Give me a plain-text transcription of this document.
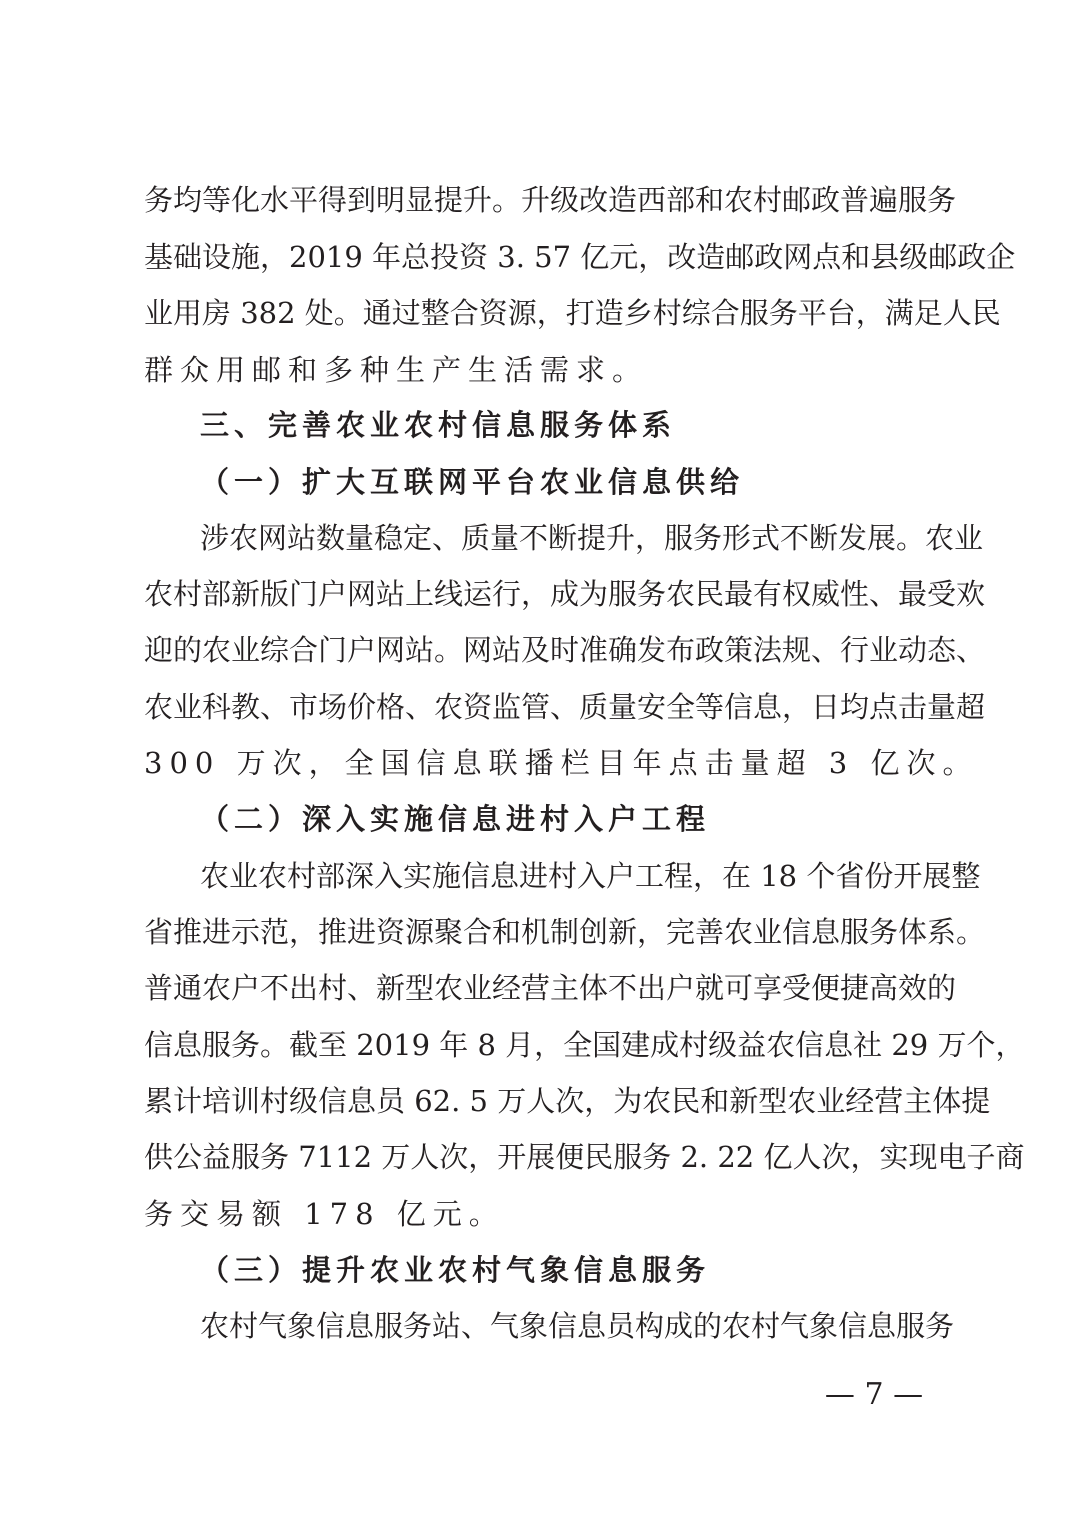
务均等化水平得到明显提升。升级改造西部和农村邮政普遍服务
基础设施，2019 年总投资 3. 57 亿元，改造邮政网点和县级邮政企
业用房 382 处。通过整合资源，打造乡村综合服务平台，满足人民
群众用邮和多种生产生活需求。
三、完善农业农村信息服务体系
（一）扩大互联网平台农业信息供给
涉农网站数量稳定、质量不断提升，服务形式不断发展。农业
农村部新版门户网站上线运行，成为服务农民最有权威性、最受欢
迎的农业综合门户网站。网站及时准确发布政策法规、行业动态、
农业科教、市场价格、农资监管、质量安全等信息，日均点击量超
300 万次，全国信息联播栏目年点击量超 3 亿次。
（二）深入实施信息进村入户工程
农业农村部深入实施信息进村入户工程，在 18 个省份开展整
省推进示范，推进资源聚合和机制创新，完善农业信息服务体系。
普通农户不出村、新型农业经营主体不出户就可享受便捷高效的
信息服务。截至 2019 年 8 月，全国建成村级益农信息社 29 万个，
累计培训村级信息员 62. 5 万人次，为农民和新型农业经营主体提
供公益服务 7112 万人次，开展便民服务 2. 22 亿人次，实现电子商
务交易额 178 亿元。
（三）提升农业农村气象信息服务
农村气象信息服务站、气象信息员构成的农村气象信息服务
— 7 —
